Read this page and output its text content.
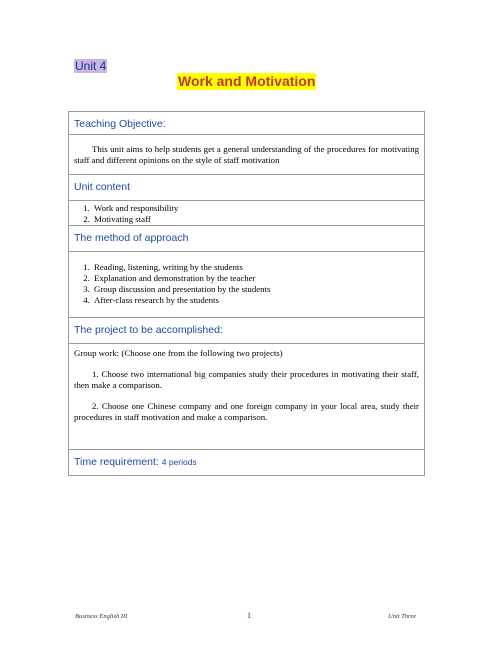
Unit 4
Work and Motivation
Teaching Objective:

This unit aims to help students get a general understanding of the procedures for motivating staff and different opinions on the style of staff motivation

Unit content

1. Work and responsibility
2. Motivating staff

The method of approach

1. Reading, listening, writing by the students
2. Explanation and demonstration by the teacher
3. Group discussion and presentation by the students
4. After-class research by the students

The project to be accomplished:

Group work: (Choose one from the following two projects)

1. Choose two international big companies study their procedures in motivating their staff, then make a comparison.

2. Choose one Chinese company and one foreign company in your local area, study their procedures in staff motivation and make a comparison.

Time requirement: 4 periods
Business English III	1	Unit Three
